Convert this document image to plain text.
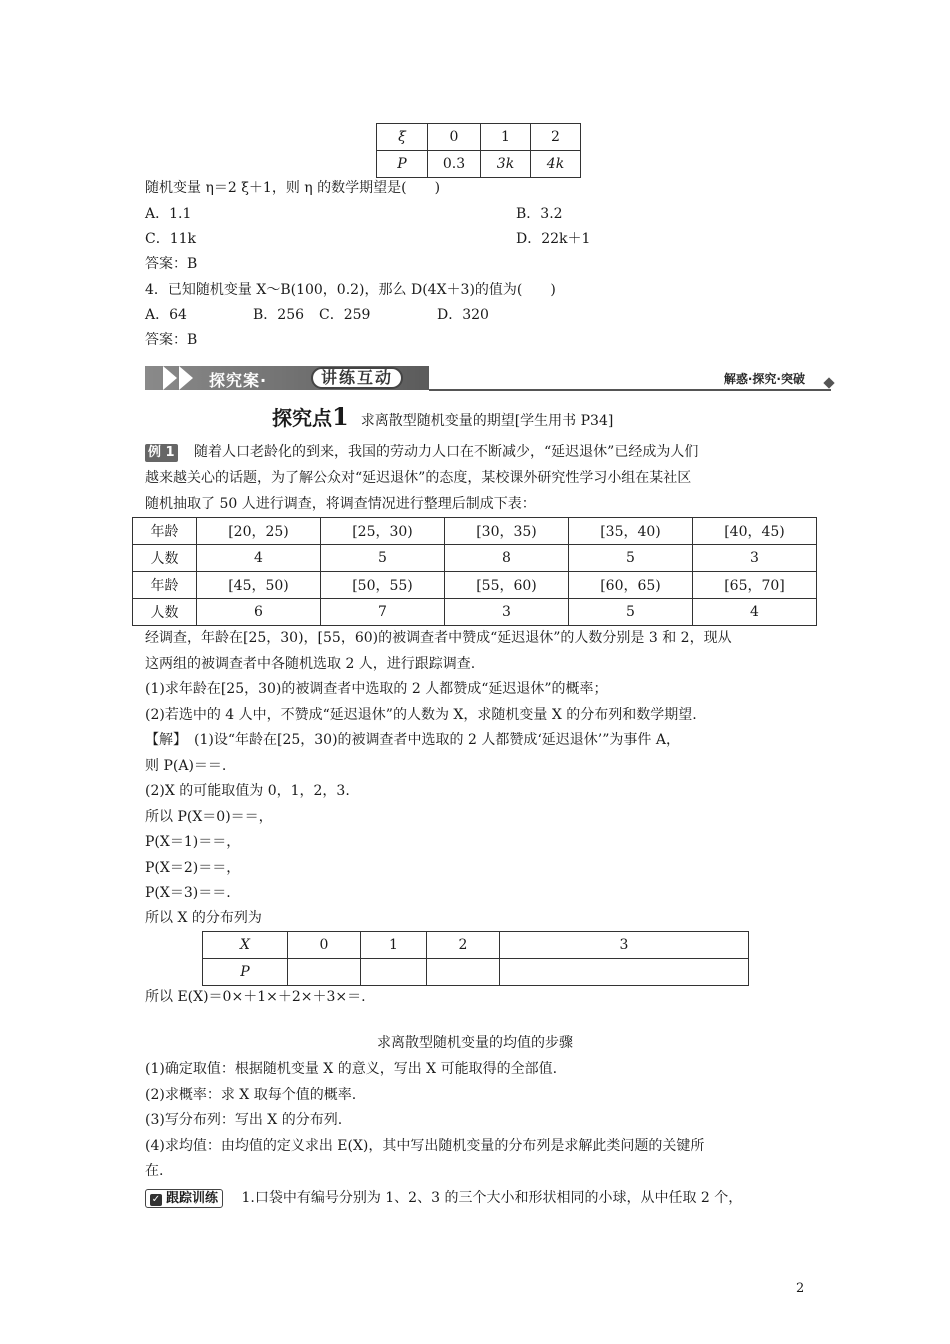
ξ	0	1	2
P	0.3	3k	4k
随机变量 η＝2 ξ＋1，则 η 的数学期望是(　　)
A．1.1	B．3.2
C．11k	D．22k＋1
答案：B
4．已知随机变量 X～B(100，0.2)，那么 D(4X＋3)的值为(　　)
A．64	B．256 C．259	D．320
答案：B
探究案·	讲练互动	解惑·探究·突破
探究点1 求离散型随机变量的期望[学生用书 P34]
例 1 随着人口老龄化的到来，我国的劳动力人口在不断减少，“延迟退休”已经成为人们
越来越关心的话题，为了解公众对“延迟退休”的态度，某校课外研究性学习小组在某社区
随机抽取了 50 人进行调查，将调查情况进行整理后制成下表：
年龄	[20，25)	[25，30)	[30，35)	[35，40)	[40，45)
人数	4	5	8	5	3
年龄	[45，50)	[50，55)	[55，60)	[60，65)	[65，70]
人数	6	7	3	5	4
经调查，年龄在[25，30)，[55，60)的被调查者中赞成“延迟退休”的人数分别是 3 和 2，现从
这两组的被调查者中各随机选取 2 人，进行跟踪调查.
(1)求年龄在[25，30)的被调查者中选取的 2 人都赞成“延迟退休”的概率；
(2)若选中的 4 人中，不赞成“延迟退休”的人数为 X，求随机变量 X 的分布列和数学期望.
【解】　(1)设“年龄在[25，30)的被调查者中选取的 2 人都赞成‘延迟退休’”为事件 A，
则 P(A)＝＝.
(2)X 的可能取值为 0，1，2，3.
所以 P(X＝0)＝＝，
P(X＝1)＝＝，
P(X＝2)＝＝，
P(X＝3)＝＝.
所以 X 的分布列为
X	0	1	2	3
P				
所以 E(X)＝0×＋1×＋2×＋3×＝.
求离散型随机变量的均值的步骤
(1)确定取值：根据随机变量 X 的意义，写出 X 可能取得的全部值.
(2)求概率：求 X 取每个值的概率.
(3)写分布列：写出 X 的分布列.
(4)求均值：由均值的定义求出 E(X)，其中写出随机变量的分布列是求解此类问题的关键所
在.
✓ 跟踪训练 1.口袋中有编号分别为 1、2、3 的三个大小和形状相同的小球，从中任取 2 个，
2
